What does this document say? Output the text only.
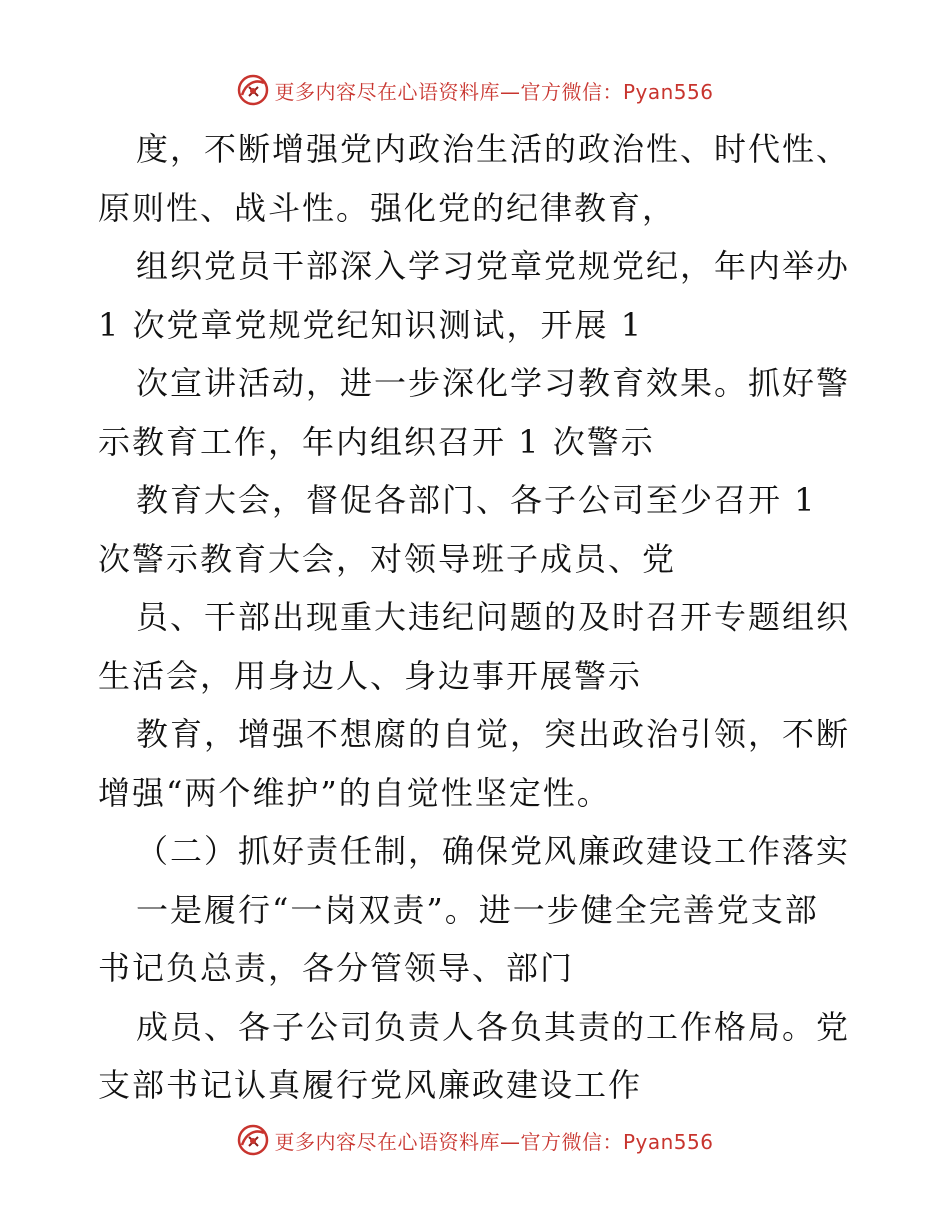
更多内容尽在心语资料库—官方微信：Pyan556
度，不断增强党内政治生活的政治性、时代性、
原则性、战斗性。强化党的纪律教育，
组织党员干部深入学习党章党规党纪，年内举办
1 次党章党规党纪知识测试，开展 1
次宣讲活动，进一步深化学习教育效果。抓好警
示教育工作，年内组织召开 1 次警示
教育大会，督促各部门、各子公司至少召开 1
次警示教育大会，对领导班子成员、党
员、干部出现重大违纪问题的及时召开专题组织
生活会，用身边人、身边事开展警示
教育，增强不想腐的自觉，突出政治引领，不断
增强“两个维护”的自觉性坚定性。
（二）抓好责任制，确保党风廉政建设工作落实
一是履行“一岗双责”。进一步健全完善党支部
书记负总责，各分管领导、部门
成员、各子公司负责人各负其责的工作格局。党
支部书记认真履行党风廉政建设工作
更多内容尽在心语资料库—官方微信：Pyan556
